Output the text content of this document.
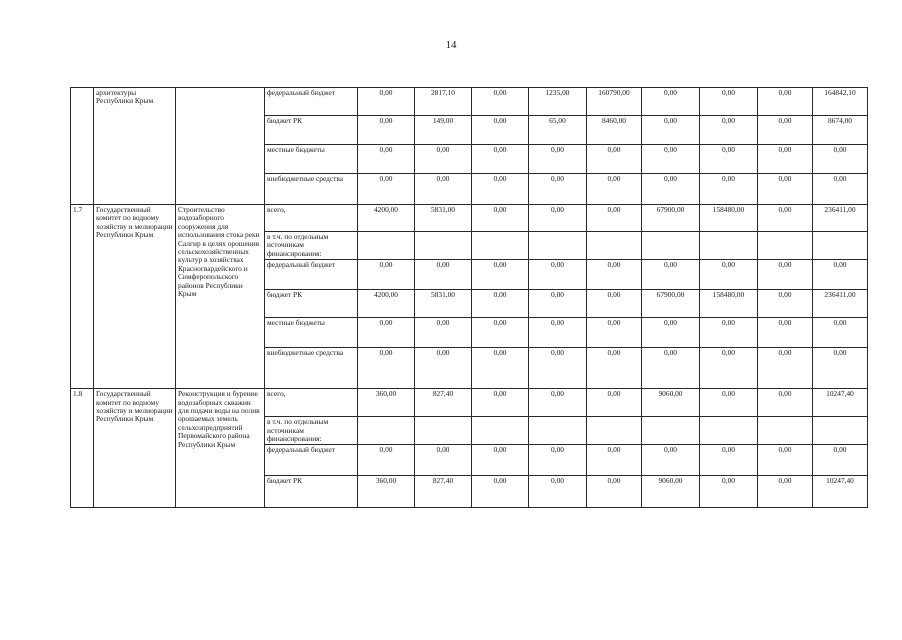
14
	архитектуры Республики Крым		федеральный бюджет	0,00	2817,10	0,00	1235,00	160790,00	0,00	0,00	0,00	164842,10
			бюджет РК	0,00	149,00	0,00	65,00	8460,00	0,00	0,00	0,00	8674,00
			местные бюджеты	0,00	0,00	0,00	0,00	0,00	0,00	0,00	0,00	0,00
			внебюджетные средства	0,00	0,00	0,00	0,00	0,00	0,00	0,00	0,00	0,00
1.7	Государственный комитет по водному хозяйству и мелиорации Республики Крым	Строительство водозаборного сооружения для использования стока реки Салгир в целях орошения сельскохозяйственных культур в хозяйствах Красногвардейского и Симферопольского районов Республики Крым	всего,	4200,00	5831,00	0,00	0,00	0,00	67900,00	158480,00	0,00	236411,00
			в т.ч. по отдельным источникам финансирования:									
			федеральный бюджет	0,00	0,00	0,00	0,00	0,00	0,00	0,00	0,00	0,00
			бюджет РК	4200,00	5831,00	0,00	0,00	0,00	67900,00	158480,00	0,00	236411,00
			местные бюджеты	0,00	0,00	0,00	0,00	0,00	0,00	0,00	0,00	0,00
			внебюджетные средства	0,00	0,00	0,00	0,00	0,00	0,00	0,00	0,00	0,00
1.8	Государственный комитет по водному хозяйству и мелиорации Республики Крым	Реконструкция и бурение водозаборных скважин для подачи воды на полив орошаемых земель сельхозпредприятий Первомайского района Республики Крым	всего,	360,00	827,40	0,00	0,00	0,00	9060,00	0,00	0,00	10247,40
			в т.ч. по отдельным источникам финансирования:									
			федеральный бюджет	0,00	0,00	0,00	0,00	0,00	0,00	0,00	0,00	0,00
			бюджет РК	360,00	827,40	0,00	0,00	0,00	9060,00	0,00	0,00	10247,40
